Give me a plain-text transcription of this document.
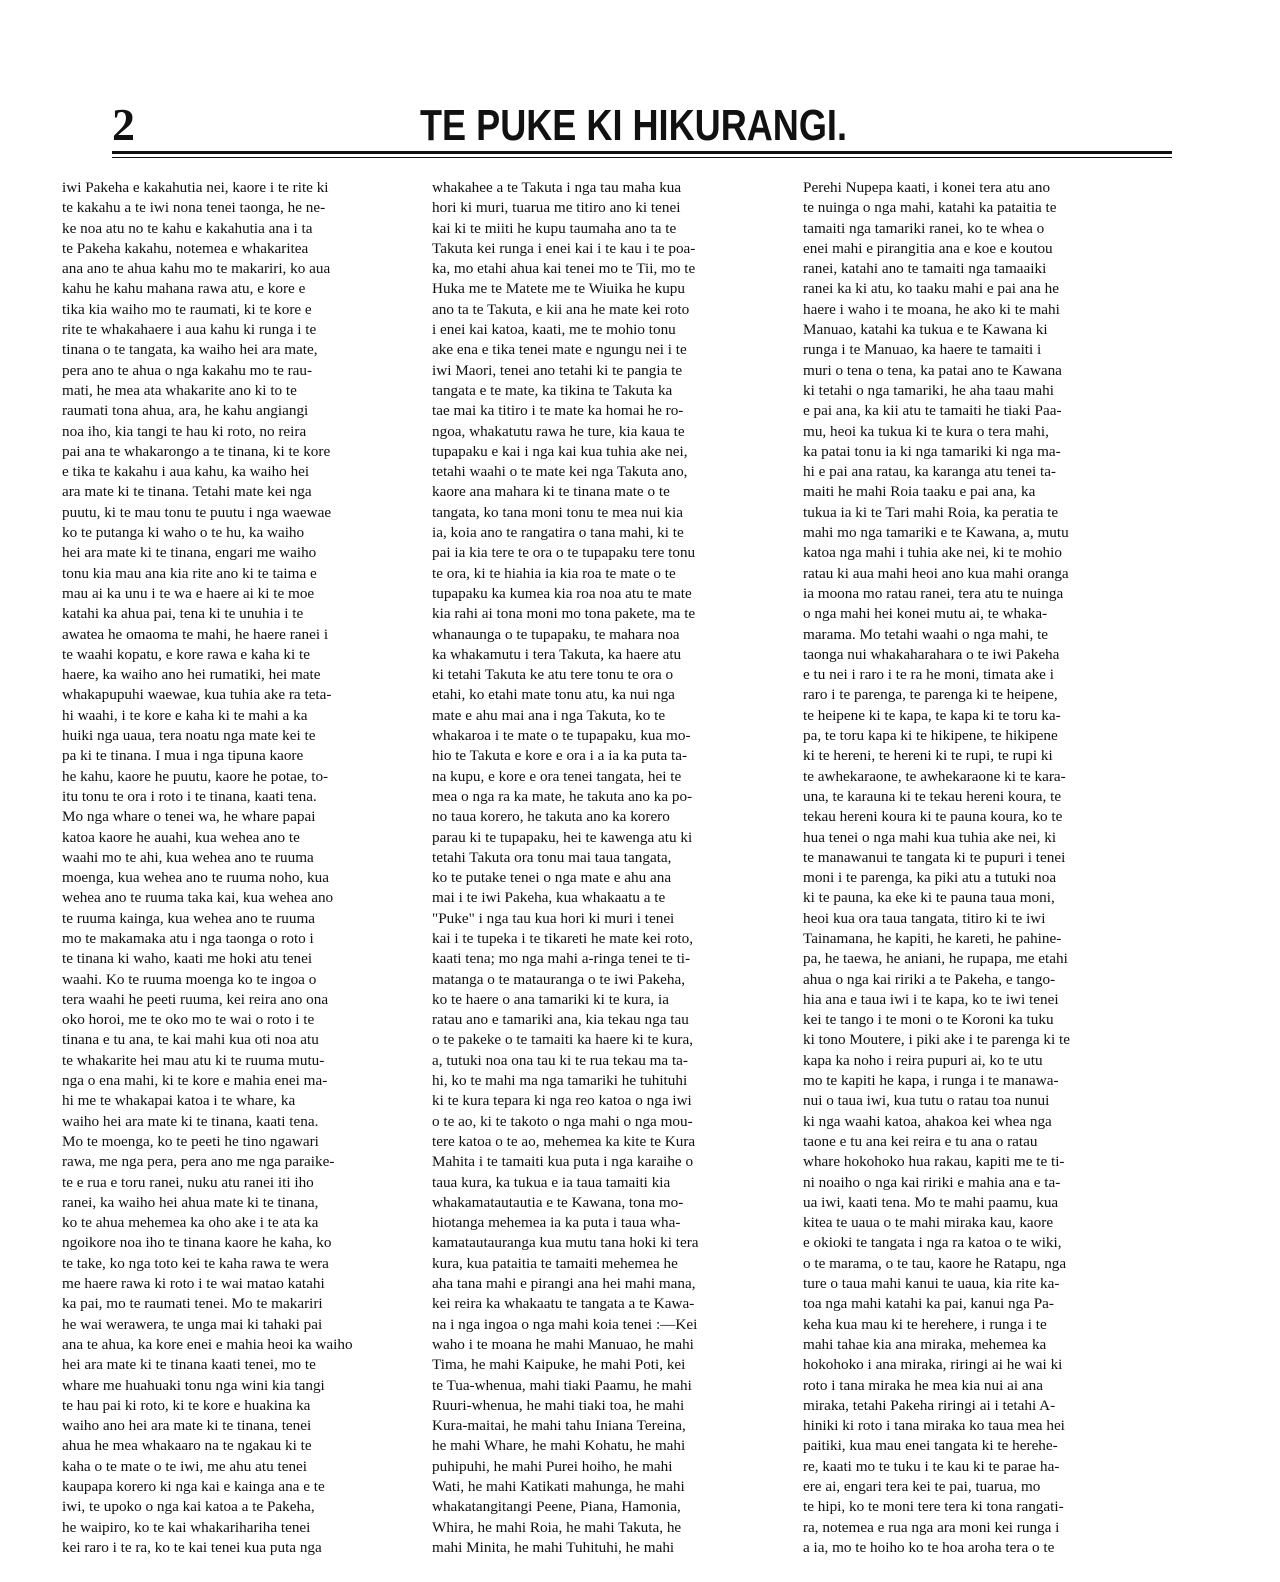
2	TE PUKE KI HIKURANGI.
iwi Pakeha e kakahutia nei, kaore i te rite ki
te kakahu a te iwi nona tenei taonga, he ne-
ke noa atu no te kahu e kakahutia ana i ta
te Pakeha kakahu, notemea e whakaritea
ana ano te ahua kahu mo te makariri, ko aua
kahu he kahu mahana rawa atu, e kore e
tika kia waiho mo te raumati, ki te kore e
rite te whakahaere i aua kahu ki runga i te
tinana o te tangata, ka waiho hei ara mate,
pera ano te ahua o nga kakahu mo te rau-
mati, he mea ata whakarite ano ki to te
raumati tona ahua, ara, he kahu angiangi
noa iho, kia tangi te hau ki roto, no reira
pai ana te whakarongo a te tinana, ki te kore
e tika te kakahu i aua kahu, ka waiho hei
ara mate ki te tinana. Tetahi mate kei nga
puutu, ki te mau tonu te puutu i nga waewae
ko te putanga ki waho o te hu, ka waiho
hei ara mate ki te tinana, engari me waiho
tonu kia mau ana kia rite ano ki te taima e
mau ai ka unu i te wa e haere ai ki te moe
katahi ka ahua pai, tena ki te unuhia i te
awatea he omaoma te mahi, he haere ranei i
te waahi kopatu, e kore rawa e kaha ki te
haere, ka waiho ano hei rumatiki, hei mate
whakapupuhi waewae, kua tuhia ake ra teta-
hi waahi, i te kore e kaha ki te mahi a ka
huiki nga uaua, tera noatu nga mate kei te
pa ki te tinana. I mua i nga tipuna kaore
he kahu, kaore he puutu, kaore he potae, to-
itu tonu te ora i roto i te tinana, kaati tena.
Mo nga whare o tenei wa, he whare papai
katoa kaore he auahi, kua wehea ano te
waahi mo te ahi, kua wehea ano te ruuma
moenga, kua wehea ano te ruuma noho, kua
wehea ano te ruuma taka kai, kua wehea ano
te ruuma kainga, kua wehea ano te ruuma
mo te makamaka atu i nga taonga o roto i
te tinana ki waho, kaati me hoki atu tenei
waahi. Ko te ruuma moenga ko te ingoa o
tera waahi he peeti ruuma, kei reira ano ona
oko horoi, me te oko mo te wai o roto i te
tinana e tu ana, te kai mahi kua oti noa atu
te whakarite hei mau atu ki te ruuma mutu-
nga o ena mahi, ki te kore e mahia enei ma-
hi me te whakapai katoa i te whare, ka
waiho hei ara mate ki te tinana, kaati tena.
Mo te moenga, ko te peeti he tino ngawari
rawa, me nga pera, pera ano me nga paraike-
te e rua e toru ranei, nuku atu ranei iti iho
ranei, ka waiho hei ahua mate ki te tinana,
ko te ahua mehemea ka oho ake i te ata ka
ngoikore noa iho te tinana kaore he kaha, ko
te take, ko nga toto kei te kaha rawa te wera
me haere rawa ki roto i te wai matao katahi
ka pai, mo te raumati tenei. Mo te makariri
he wai werawera, te unga mai ki tahaki pai
ana te ahua, ka kore enei e mahia heoi ka waiho
hei ara mate ki te tinana kaati tenei, mo te
whare me huahuaki tonu nga wini kia tangi
te hau pai ki roto, ki te kore e huakina ka
waiho ano hei ara mate ki te tinana, tenei
ahua he mea whakaaro na te ngakau ki te
kaha o te mate o te iwi, me ahu atu tenei
kaupapa korero ki nga kai e kainga ana e te
iwi, te upoko o nga kai katoa a te Pakeha,
he waipiro, ko te kai whakarihariha tenei
kei raro i te ra, ko te kai tenei kua puta nga
whakahee a te Takuta i nga tau maha kua
hori ki muri, tuarua me titiro ano ki tenei
kai ki te miiti he kupu taumaha ano ta te
Takuta kei runga i enei kai i te kau i te poa-
ka, mo etahi ahua kai tenei mo te Tii, mo te
Huka me te Matete me te Wiuika he kupu
ano ta te Takuta, e kii ana he mate kei roto
i enei kai katoa, kaati, me te mohio tonu
ake ena e tika tenei mate e ngungu nei i te
iwi Maori, tenei ano tetahi ki te pangia te
tangata e te mate, ka tikina te Takuta ka
tae mai ka titiro i te mate ka homai he ro-
ngoa, whakatutu rawa he ture, kia kaua te
tupapaku e kai i nga kai kua tuhia ake nei,
tetahi waahi o te mate kei nga Takuta ano,
kaore ana mahara ki te tinana mate o te
tangata, ko tana moni tonu te mea nui kia
ia, koia ano te rangatira o tana mahi, ki te
pai ia kia tere te ora o te tupapaku tere tonu
te ora, ki te hiahia ia kia roa te mate o te
tupapaku ka kumea kia roa noa atu te mate
kia rahi ai tona moni mo tona pakete, ma te
whanaunga o te tupapaku, te mahara noa
ka whakamutu i tera Takuta, ka haere atu
ki tetahi Takuta ke atu tere tonu te ora o
etahi, ko etahi mate tonu atu, ka nui nga
mate e ahu mai ana i nga Takuta, ko te
whakaroa i te mate o te tupapaku, kua mo-
hio te Takuta e kore e ora i a ia ka puta ta-
na kupu, e kore e ora tenei tangata, hei te
mea o nga ra ka mate, he takuta ano ka po-
no taua korero, he takuta ano ka korero
parau ki te tupapaku, hei te kawenga atu ki
tetahi Takuta ora tonu mai taua tangata,
ko te putake tenei o nga mate e ahu ana
mai i te iwi Pakeha, kua whakaatu a te
"Puke" i nga tau kua hori ki muri i tenei
kai i te tupeka i te tikareti he mate kei roto,
kaati tena; mo nga mahi a-ringa tenei te ti-
matanga o te matauranga o te iwi Pakeha,
ko te haere o ana tamariki ki te kura, ia
ratau ano e tamariki ana, kia tekau nga tau
o te pakeke o te tamaiti ka haere ki te kura,
a, tutuki noa ona tau ki te rua tekau ma ta-
hi, ko te mahi ma nga tamariki he tuhituhi
ki te kura tepara ki nga reo katoa o nga iwi
o te ao, ki te takoto o nga mahi o nga mou-
tere katoa o te ao, mehemea ka kite te Kura
Mahita i te tamaiti kua puta i nga karaihe o
taua kura, ka tukua e ia taua tamaiti kia
whakamatautautia e te Kawana, tona mo-
hiotanga mehemea ia ka puta i taua wha-
kamatautauranga kua mutu tana hoki ki tera
kura, kua pataitia te tamaiti mehemea he
aha tana mahi e pirangi ana hei mahi mana,
kei reira ka whakaatu te tangata a te Kawa-
na i nga ingoa o nga mahi koia tenei :—Kei
waho i te moana he mahi Manuao, he mahi
Tima, he mahi Kaipuke, he mahi Poti, kei
te Tua-whenua, mahi tiaki Paamu, he mahi
Ruuri-whenua, he mahi tiaki toa, he mahi
Kura-maitai, he mahi tahu Iniana Tereina,
he mahi Whare, he mahi Kohatu, he mahi
puhipuhi, he mahi Purei hoiho, he mahi
Wati, he mahi Katikati mahunga, he mahi
whakatangitangi Peene, Piana, Hamonia,
Whira, he mahi Roia, he mahi Takuta, he
mahi Minita, he mahi Tuhituhi, he mahi
Perehi Nupepa kaati, i konei tera atu ano
te nuinga o nga mahi, katahi ka pataitia te
tamaiti nga tamariki ranei, ko te whea o
enei mahi e pirangitia ana e koe e koutou
ranei, katahi ano te tamaiti nga tamaaiki
ranei ka ki atu, ko taaku mahi e pai ana he
haere i waho i te moana, he ako ki te mahi
Manuao, katahi ka tukua e te Kawana ki
runga i te Manuao, ka haere te tamaiti i
muri o tena o tena, ka patai ano te Kawana
ki tetahi o nga tamariki, he aha taau mahi
e pai ana, ka kii atu te tamaiti he tiaki Paa-
mu, heoi ka tukua ki te kura o tera mahi,
ka patai tonu ia ki nga tamariki ki nga ma-
hi e pai ana ratau, ka karanga atu tenei ta-
maiti he mahi Roia taaku e pai ana, ka
tukua ia ki te Tari mahi Roia, ka peratia te
mahi mo nga tamariki e te Kawana, a, mutu
katoa nga mahi i tuhia ake nei, ki te mohio
ratau ki aua mahi heoi ano kua mahi oranga
ia moona mo ratau ranei, tera atu te nuinga
o nga mahi hei konei mutu ai, te whaka-
marama. Mo tetahi waahi o nga mahi, te
taonga nui whakaharahara o te iwi Pakeha
e tu nei i raro i te ra he moni, timata ake i
raro i te parenga, te parenga ki te heipene,
te heipene ki te kapa, te kapa ki te toru ka-
pa, te toru kapa ki te hikipene, te hikipene
ki te hereni, te hereni ki te rupi, te rupi ki
te awhekaraone, te awhekaraone ki te kara-
una, te karauna ki te tekau hereni koura, te
tekau hereni koura ki te pauna koura, ko te
hua tenei o nga mahi kua tuhia ake nei, ki
te manawanui te tangata ki te pupuri i tenei
moni i te parenga, ka piki atu a tutuki noa
ki te pauna, ka eke ki te pauna taua moni,
heoi kua ora taua tangata, titiro ki te iwi
Tainamana, he kapiti, he kareti, he pahine-
pa, he taewa, he aniani, he rupapa, me etahi
ahua o nga kai ririki a te Pakeha, e tango-
hia ana e taua iwi i te kapa, ko te iwi tenei
kei te tango i te moni o te Koroni ka tuku
ki tono Moutere, i piki ake i te parenga ki te
kapa ka noho i reira pupuri ai, ko te utu
mo te kapiti he kapa, i runga i te manawa-
nui o taua iwi, kua tutu o ratau toa nunui
ki nga waahi katoa, ahakoa kei whea nga
taone e tu ana kei reira e tu ana o ratau
whare hokohoko hua rakau, kapiti me te ti-
ni noaiho o nga kai ririki e mahia ana e ta-
ua iwi, kaati tena. Mo te mahi paamu, kua
kitea te uaua o te mahi miraka kau, kaore
e okioki te tangata i nga ra katoa o te wiki,
o te marama, o te tau, kaore he Ratapu, nga
ture o taua mahi kanui te uaua, kia rite ka-
toa nga mahi katahi ka pai, kanui nga Pa-
keha kua mau ki te herehere, i runga i te
mahi tahae kia ana miraka, mehemea ka
hokohoko i ana miraka, riringi ai he wai ki
roto i tana miraka he mea kia nui ai ana
miraka, tetahi Pakeha riringi ai i tetahi A-
hiniki ki roto i tana miraka ko taua mea hei
paitiki, kua mau enei tangata ki te herehe-
re, kaati mo te tuku i te kau ki te parae ha-
ere ai, engari tera kei te pai, tuarua, mo
te hipi, ko te moni tere tera ki tona rangati-
ra, notemea e rua nga ara moni kei runga i
a ia, mo te hoiho ko te hoa aroha tera o te
